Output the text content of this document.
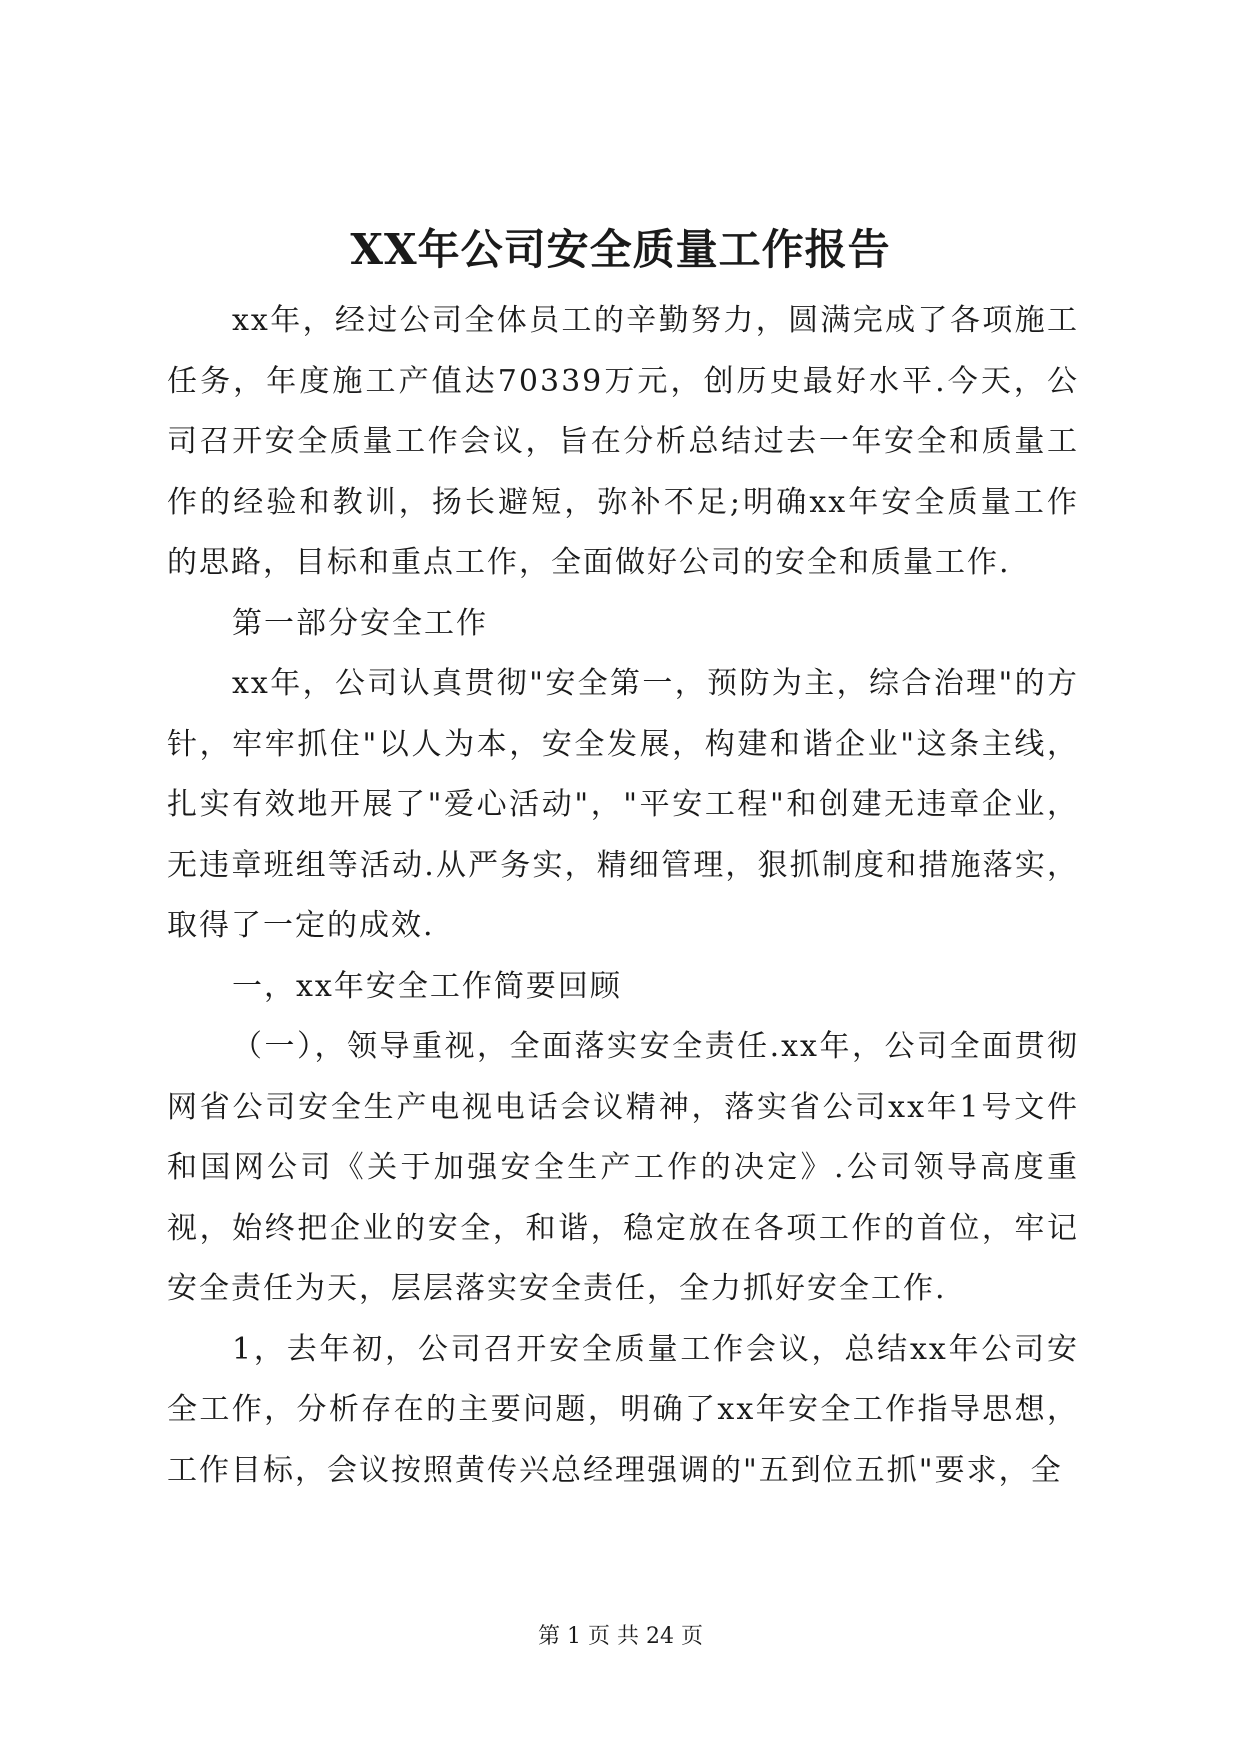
XX年公司安全质量工作报告

xx年，经过公司全体员工的辛勤努力，圆满完成了各项施工任务，年度施工产值达70339万元，创历史最好水平.今天，公司召开安全质量工作会议，旨在分析总结过去一年安全和质量工作的经验和教训，扬长避短，弥补不足;明确xx年安全质量工作的思路，目标和重点工作，全面做好公司的安全和质量工作.

第一部分安全工作

xx年，公司认真贯彻"安全第一，预防为主，综合治理"的方针，牢牢抓住"以人为本，安全发展，构建和谐企业"这条主线，扎实有效地开展了"爱心活动"，"平安工程"和创建无违章企业，无违章班组等活动.从严务实，精细管理，狠抓制度和措施落实，取得了一定的成效.

一，xx年安全工作简要回顾

（一），领导重视，全面落实安全责任.xx年，公司全面贯彻网省公司安全生产电视电话会议精神，落实省公司xx年1号文件和国网公司《关于加强安全生产工作的决定》.公司领导高度重视，始终把企业的安全，和谐，稳定放在各项工作的首位，牢记安全责任为天，层层落实安全责任，全力抓好安全工作.

1，去年初，公司召开安全质量工作会议，总结xx年公司安全工作，分析存在的主要问题，明确了xx年安全工作指导思想，工作目标，会议按照黄传兴总经理强调的"五到位五抓"要求，全

第 1 页 共 24 页
